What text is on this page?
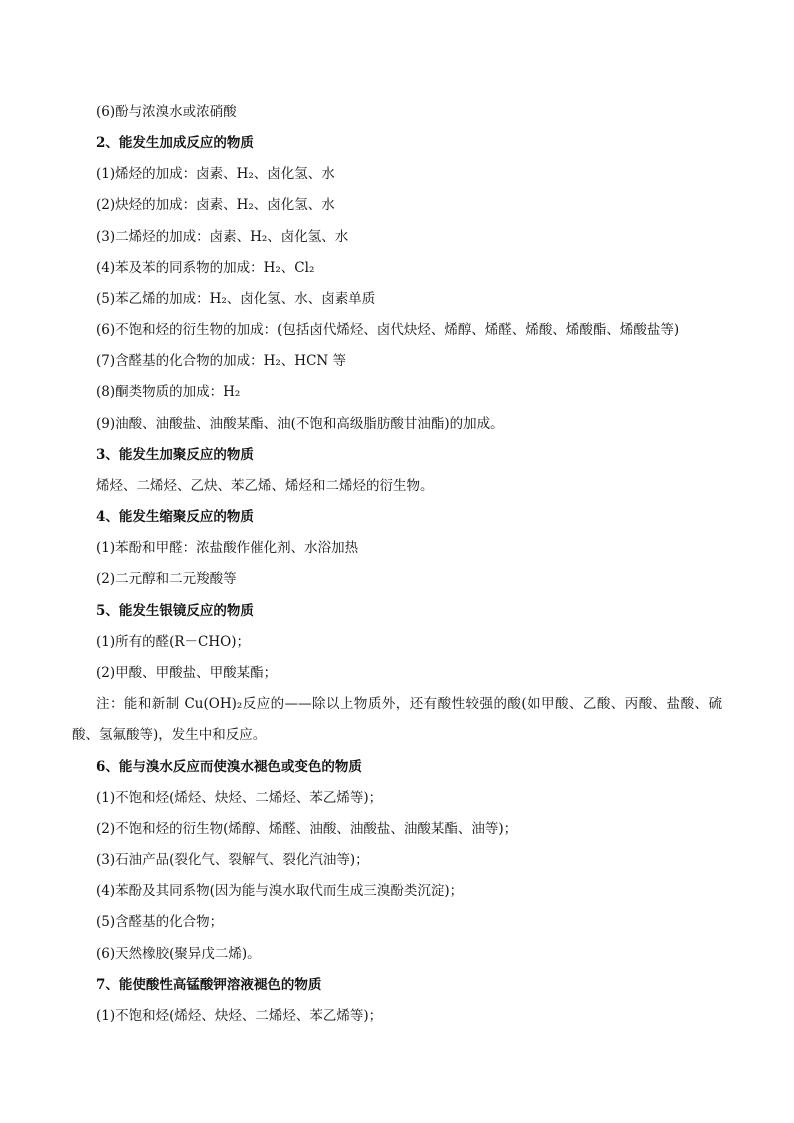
(6)酚与浓溴水或浓硝酸
2、能发生加成反应的物质
(1)烯烃的加成：卤素、H₂、卤化氢、水
(2)炔烃的加成：卤素、H₂、卤化氢、水
(3)二烯烃的加成：卤素、H₂、卤化氢、水
(4)苯及苯的同系物的加成：H₂、Cl₂
(5)苯乙烯的加成：H₂、卤化氢、水、卤素单质
(6)不饱和烃的衍生物的加成：(包括卤代烯烃、卤代炔烃、烯醇、烯醛、烯酸、烯酸酯、烯酸盐等)
(7)含醛基的化合物的加成：H₂、HCN 等
(8)酮类物质的加成：H₂
(9)油酸、油酸盐、油酸某酯、油(不饱和高级脂肪酸甘油酯)的加成。
3、能发生加聚反应的物质
烯烃、二烯烃、乙炔、苯乙烯、烯烃和二烯烃的衍生物。
4、能发生缩聚反应的物质
(1)苯酚和甲醛：浓盐酸作催化剂、水浴加热
(2)二元醇和二元羧酸等
5、能发生银镜反应的物质
(1)所有的醛(R－CHO)；
(2)甲酸、甲酸盐、甲酸某酯；
注：能和新制 Cu(OH)₂反应的——除以上物质外，还有酸性较强的酸(如甲酸、乙酸、丙酸、盐酸、硫
酸、氢氟酸等)，发生中和反应。
6、能与溴水反应而使溴水褪色或变色的物质
(1)不饱和烃(烯烃、炔烃、二烯烃、苯乙烯等)；
(2)不饱和烃的衍生物(烯醇、烯醛、油酸、油酸盐、油酸某酯、油等)；
(3)石油产品(裂化气、裂解气、裂化汽油等)；
(4)苯酚及其同系物(因为能与溴水取代而生成三溴酚类沉淀)；
(5)含醛基的化合物；
(6)天然橡胶(聚异戊二烯)。
7、能使酸性高锰酸钾溶液褪色的物质
(1)不饱和烃(烯烃、炔烃、二烯烃、苯乙烯等)；
